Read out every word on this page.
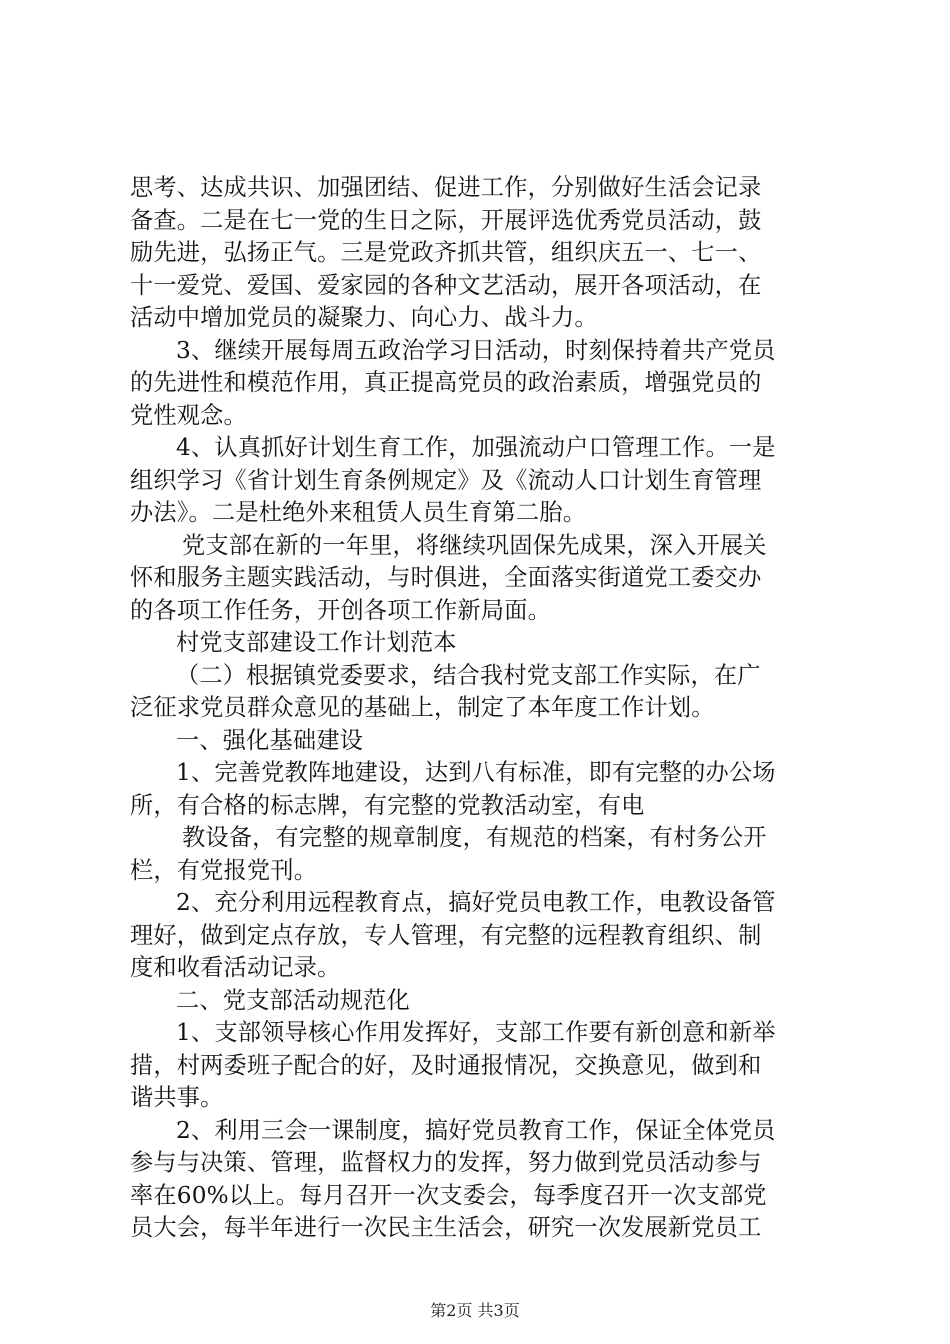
思考、达成共识、加强团结、促进工作，分别做好生活会记录
备查。二是在七一党的生日之际，开展评选优秀党员活动，鼓
励先进，弘扬正气。三是党政齐抓共管，组织庆五一、七一、
十一爱党、爱国、爱家园的各种文艺活动，展开各项活动，在
活动中增加党员的凝聚力、向心力、战斗力。
3、继续开展每周五政治学习日活动，时刻保持着共产党员
的先进性和模范作用，真正提高党员的政治素质，增强党员的
党性观念。
4、认真抓好计划生育工作，加强流动户口管理工作。一是
组织学习《省计划生育条例规定》及《流动人口计划生育管理
办法》。二是杜绝外来租赁人员生育第二胎。
党支部在新的一年里，将继续巩固保先成果，深入开展关
怀和服务主题实践活动，与时俱进，全面落实街道党工委交办
的各项工作任务，开创各项工作新局面。
村党支部建设工作计划范本
（二）根据镇党委要求，结合我村党支部工作实际，在广
泛征求党员群众意见的基础上，制定了本年度工作计划。
一、强化基础建设
1、完善党教阵地建设，达到八有标准，即有完整的办公场
所，有合格的标志牌，有完整的党教活动室，有电
教设备，有完整的规章制度，有规范的档案，有村务公开
栏，有党报党刊。
2、充分利用远程教育点，搞好党员电教工作，电教设备管
理好，做到定点存放，专人管理，有完整的远程教育组织、制
度和收看活动记录。
二、党支部活动规范化
1、支部领导核心作用发挥好，支部工作要有新创意和新举
措，村两委班子配合的好，及时通报情况，交换意见，做到和
谐共事。
2、利用三会一课制度，搞好党员教育工作，保证全体党员
参与与决策、管理，监督权力的发挥，努力做到党员活动参与
率在60%以上。每月召开一次支委会，每季度召开一次支部党
员大会，每半年进行一次民主生活会，研究一次发展新党员工
第2页 共3页
